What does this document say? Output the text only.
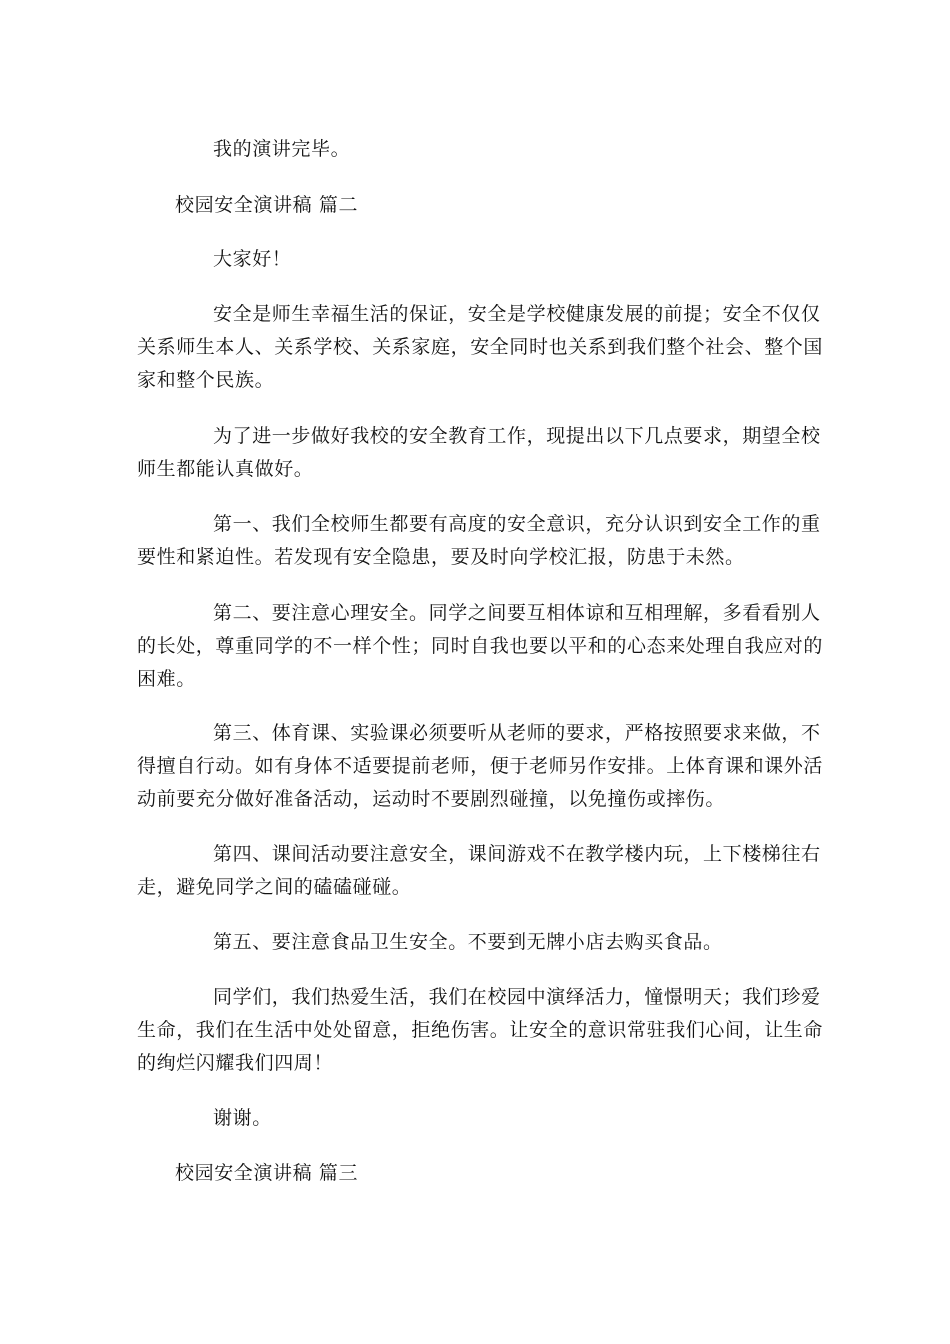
我的演讲完毕。
校园安全演讲稿 篇二
大家好！
安全是师生幸福生活的保证，安全是学校健康发展的前提；安全不仅仅
关系师生本人、关系学校、关系家庭，安全同时也关系到我们整个社会、整个国
家和整个民族。
为了进一步做好我校的安全教育工作，现提出以下几点要求，期望全校
师生都能认真做好。
第一、我们全校师生都要有高度的安全意识，充分认识到安全工作的重
要性和紧迫性。若发现有安全隐患，要及时向学校汇报，防患于未然。
第二、要注意心理安全。同学之间要互相体谅和互相理解，多看看别人
的长处，尊重同学的不一样个性；同时自我也要以平和的心态来处理自我应对的
困难。
第三、体育课、实验课必须要听从老师的要求，严格按照要求来做，不
得擅自行动。如有身体不适要提前老师，便于老师另作安排。上体育课和课外活
动前要充分做好准备活动，运动时不要剧烈碰撞，以免撞伤或摔伤。
第四、课间活动要注意安全，课间游戏不在教学楼内玩，上下楼梯往右
走，避免同学之间的磕磕碰碰。
第五、要注意食品卫生安全。不要到无牌小店去购买食品。
同学们，我们热爱生活，我们在校园中演绎活力，憧憬明天；我们珍爱
生命，我们在生活中处处留意，拒绝伤害。让安全的意识常驻我们心间，让生命
的绚烂闪耀我们四周！
谢谢。
校园安全演讲稿 篇三
